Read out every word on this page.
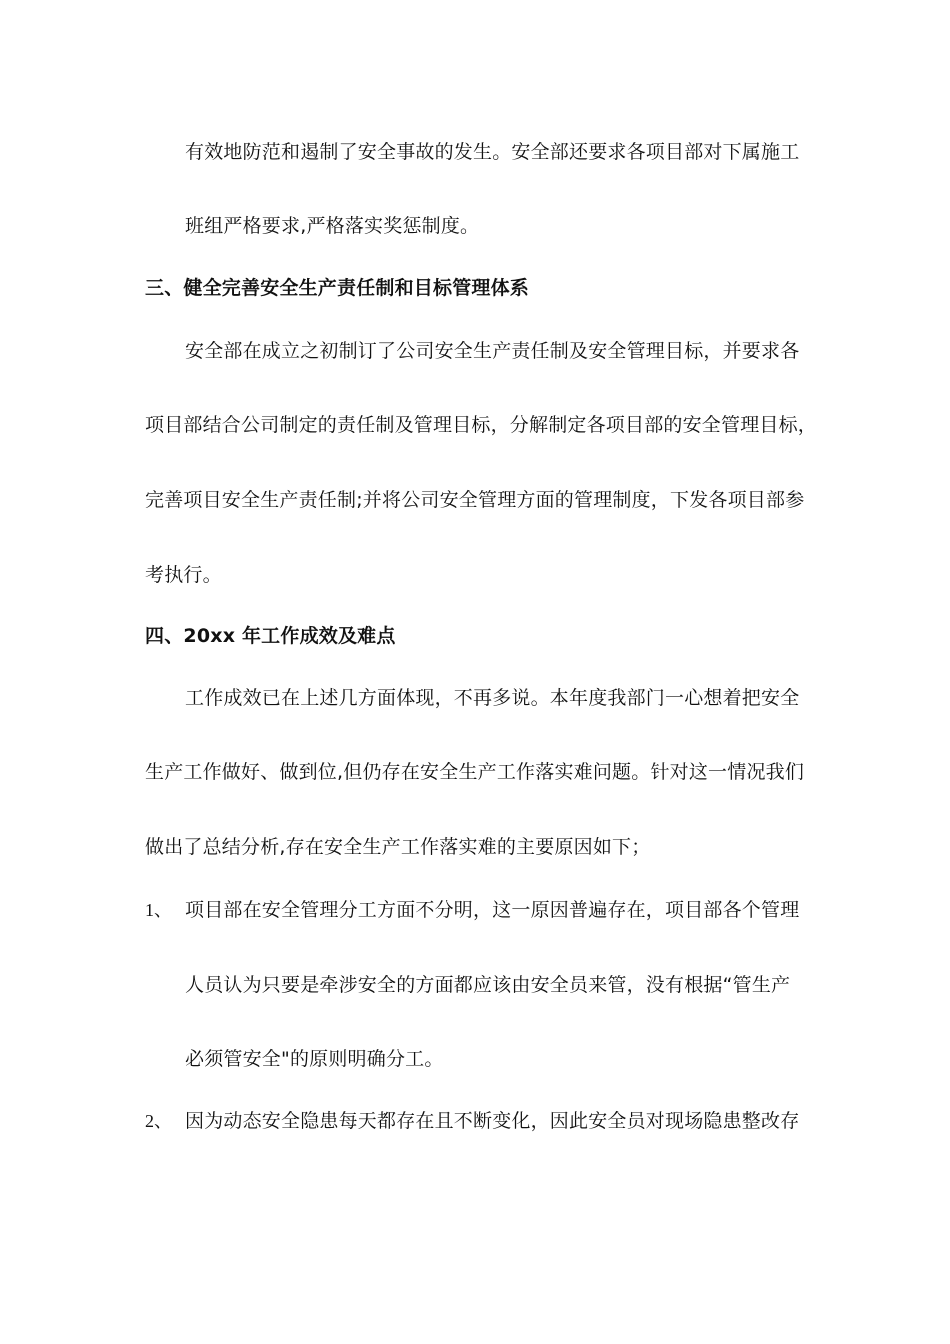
有效地防范和遏制了安全事故的发生。安全部还要求各项目部对下属施工
班组严格要求,严格落实奖惩制度。
三、健全完善安全生产责任制和目标管理体系
安全部在成立之初制订了公司安全生产责任制及安全管理目标，并要求各
项目部结合公司制定的责任制及管理目标，分解制定各项目部的安全管理目标，
完善项目安全生产责任制;并将公司安全管理方面的管理制度，下发各项目部参
考执行。
四、20xx 年工作成效及难点
工作成效已在上述几方面体现，不再多说。本年度我部门一心想着把安全
生产工作做好、做到位,但仍存在安全生产工作落实难问题。针对这一情况我们
做出了总结分析,存在安全生产工作落实难的主要原因如下；
1、 项目部在安全管理分工方面不分明，这一原因普遍存在，项目部各个管理
人员认为只要是牵涉安全的方面都应该由安全员来管，没有根据“管生产
必须管安全"的原则明确分工。
2、 因为动态安全隐患每天都存在且不断变化，因此安全员对现场隐患整改存
